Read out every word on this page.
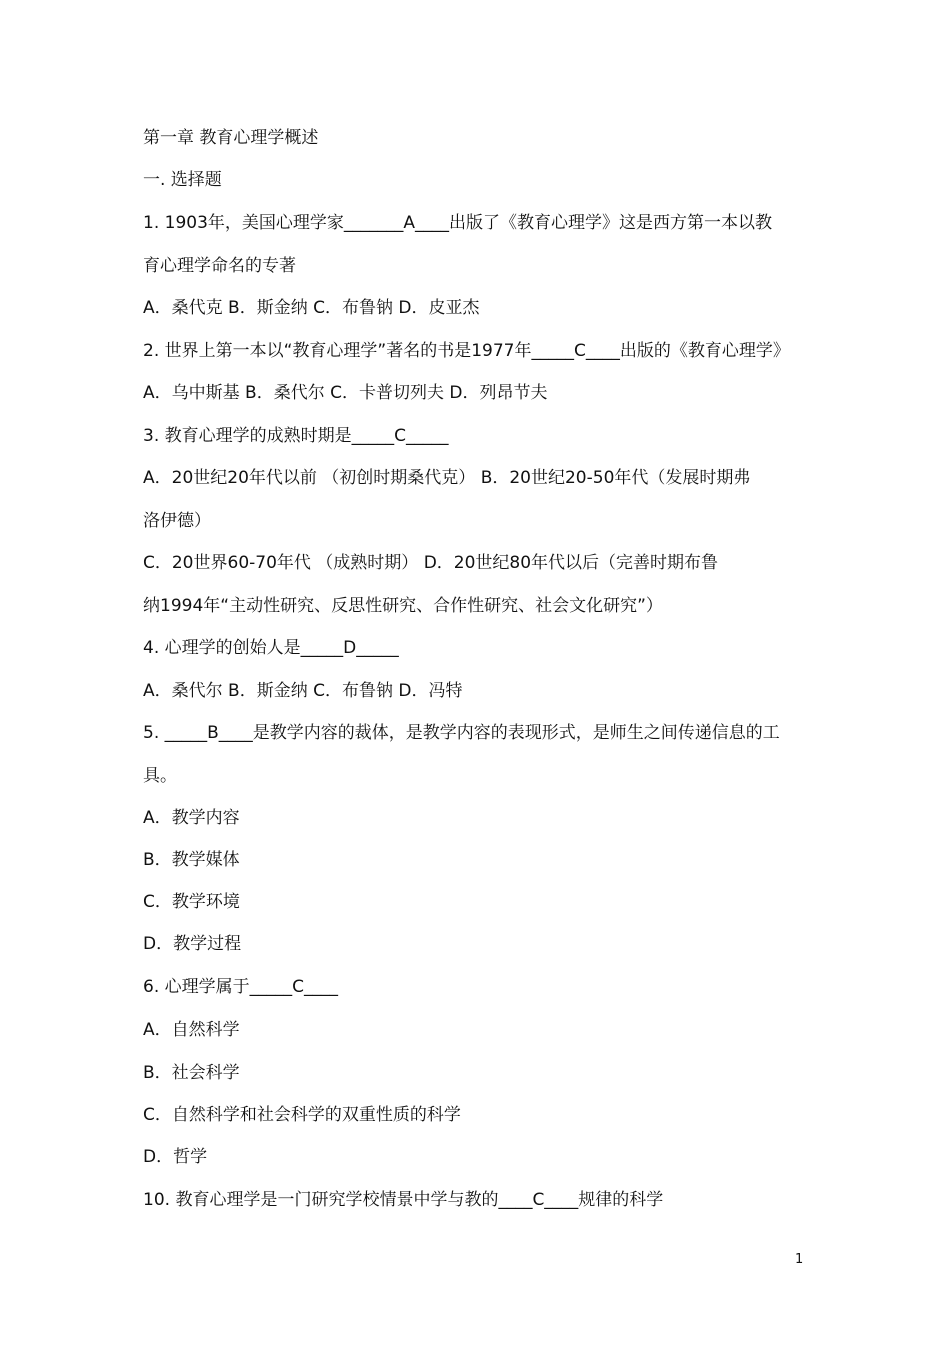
第一章 教育心理学概述
一. 选择题
1. 1903年，美国心理学家_______A____出版了《教育心理学》这是西方第一本以教
育心理学命名的专著
A．桑代克 B．斯金纳 C．布鲁钠 D．皮亚杰
2. 世界上第一本以“教育心理学”著名的书是1977年_____C____出版的《教育心理学》
A．乌中斯基 B．桑代尔 C．卡普切列夫 D．列昂节夫
3. 教育心理学的成熟时期是_____C_____
A．20世纪20年代以前 （初创时期桑代克） B．20世纪20-50年代（发展时期弗
洛伊德）
C．20世界60-70年代 （成熟时期） D．20世纪80年代以后（完善时期布鲁
纳1994年“主动性研究、反思性研究、合作性研究、社会文化研究”）
4. 心理学的创始人是_____D_____
A．桑代尔 B．斯金纳 C．布鲁钠 D．冯特
5. _____B____是教学内容的裁体，是教学内容的表现形式，是师生之间传递信息的工
具。
A．教学内容
B．教学媒体
C．教学环境
D．教学过程
6. 心理学属于_____C____
A．自然科学
B．社会科学
C．自然科学和社会科学的双重性质的科学
D．哲学
10. 教育心理学是一门研究学校情景中学与教的____C____规律的科学
1
